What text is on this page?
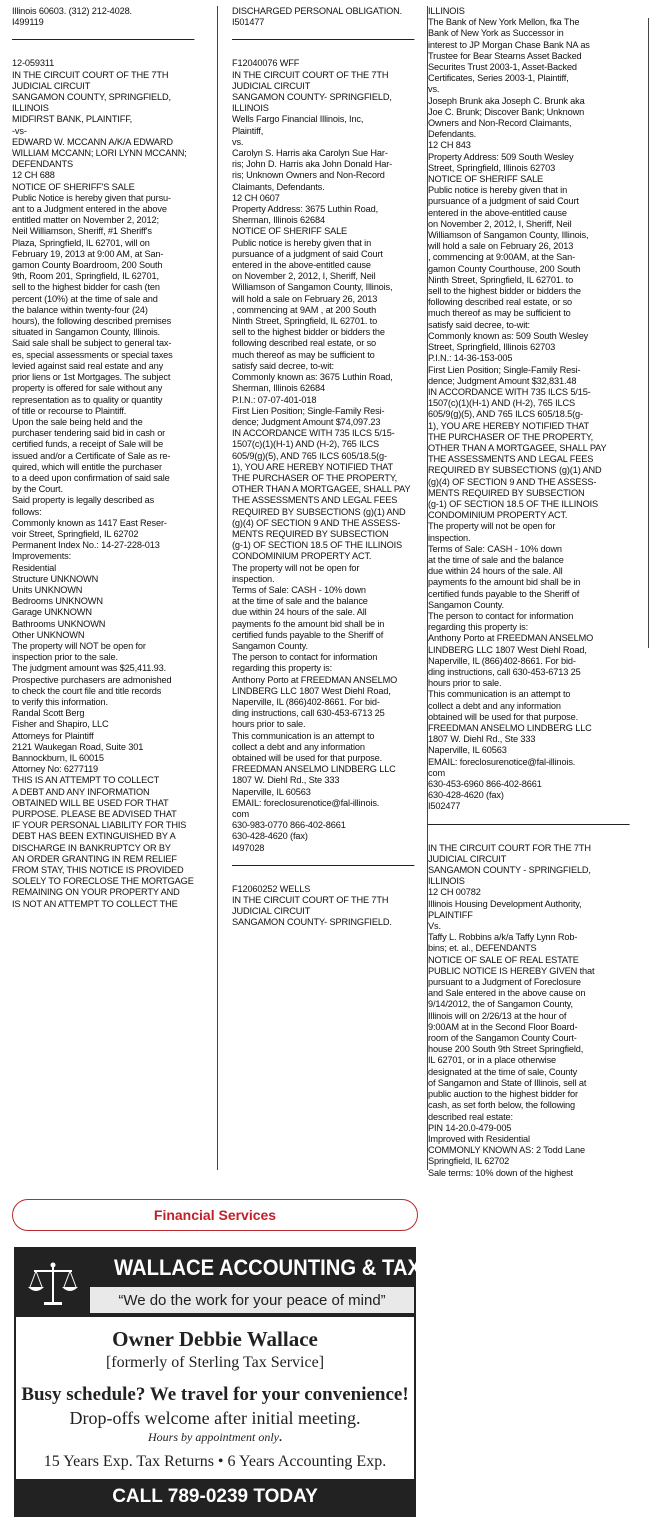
Illinois 60603. (312) 212-4028.

I499119

12-059311

IN THE CIRCUIT COURT OF THE 7TH

JUDICIAL CIRCUIT

SANGAMON COUNTY, SPRINGFIELD,

ILLINOIS

MIDFIRST BANK, PLAINTIFF,

-vs-

EDWARD W. MCCANN A/K/A EDWARD

WILLIAM MCCANN; LORI LYNN MCCANN;

DEFENDANTS

12 CH 688

NOTICE OF SHERIFF'S SALE

Public Notice is hereby given that pursu-

ant to a Judgment entered in the above

entitled matter on November 2, 2012;

Neil Williamson, Sheriff, #1 Sheriff's

Plaza, Springfield, IL 62701, will on

February 19, 2013 at 9:00 AM, at San-

gamon County Boardroom, 200 South

9th, Room 201, Springfield, IL 62701,

sell to the highest bidder for cash (ten

percent (10%) at the time of sale and

the balance within twenty-four (24)

hours), the following described premises

situated in Sangamon County, Illinois.

Said sale shall be subject to general tax-

es, special assessments or special taxes

levied against said real estate and any

prior liens or 1st Mortgages. The subject

property is offered for sale without any

representation as to quality or quantity

of title or recourse to Plaintiff.

Upon the sale being held and the

purchaser tendering said bid in cash or

certified funds, a receipt of Sale will be

issued and/or a Certificate of Sale as re-

quired, which will entitle the purchaser

to a deed upon confirmation of said sale

by the Court.

Said property is legally described as

follows:

Commonly known as 1417 East Reser-

voir Street, Springfield, IL 62702

Permanent Index No.: 14-27-228-013

Improvements:

Residential

Structure UNKNOWN

Units UNKNOWN

Bedrooms UNKNOWN

Garage UNKNOWN

Bathrooms UNKNOWN

Other UNKNOWN

The property will NOT be open for

inspection prior to the sale.

The judgment amount was $25,411.93.

Prospective purchasers are admonished

to check the court file and title records

to verify this information.

Randal Scott Berg

Fisher and Shapiro, LLC

Attorneys for Plaintiff

2121 Waukegan Road, Suite 301

Bannockburn, IL 60015

Attorney No: 6277119

THIS IS AN ATTEMPT TO COLLECT

A DEBT AND ANY INFORMATION

OBTAINED WILL BE USED FOR THAT

PURPOSE. PLEASE BE ADVISED THAT

IF YOUR PERSONAL LIABILITY FOR THIS

DEBT HAS BEEN EXTINGUISHED BY A

DISCHARGE IN BANKRUPTCY OR BY

AN ORDER GRANTING IN REM RELIEF

FROM STAY, THIS NOTICE IS PROVIDED

SOLELY TO FORECLOSE THE MORTGAGE

REMAINING ON YOUR PROPERTY AND

IS NOT AN ATTEMPT TO COLLECT THE

DISCHARGED PERSONAL OBLIGATION.

I501477

F12040076 WFF

IN THE CIRCUIT COURT OF THE 7TH

JUDICIAL CIRCUIT

SANGAMON COUNTY- SPRINGFIELD,

ILLINOIS

Wells Fargo Financial Illinois, Inc,

Plaintiff,

vs.

Carolyn S. Harris aka Carolyn Sue Har-

ris; John D. Harris aka John Donald Har-

ris; Unknown Owners and Non-Record

Claimants, Defendants.

12 CH 0607

Property Address: 3675 Luthin Road,

Sherman, Illinois 62684

NOTICE OF SHERIFF SALE

Public notice is hereby given that in

pursuance of a judgment of said Court

entered in the above-entitled cause

on November 2, 2012, I, Sheriff, Neil

Williamson of Sangamon County, Illinois,

will hold a sale on February 26, 2013

, commencing at 9AM , at 200 South

Ninth Street, Springfield, IL 62701. to

sell to the highest bidder or bidders the

following described real estate, or so

much thereof as may be sufficient to

satisfy said decree, to-wit:

Commonly known as: 3675 Luthin Road,

Sherman, Illinois 62684

P.I.N.: 07-07-401-018

First Lien Position; Single-Family Resi-

dence; Judgment Amount $74,097.23

IN ACCORDANCE WITH 735 ILCS 5/15-

1507(c)(1)(H-1) AND (H-2), 765 ILCS

605/9(g)(5), AND 765 ILCS 605/18.5(g-

1), YOU ARE HEREBY NOTIFIED THAT

THE PURCHASER OF THE PROPERTY,

OTHER THAN A MORTGAGEE, SHALL PAY

THE ASSESSMENTS AND LEGAL FEES

REQUIRED BY SUBSECTIONS (g)(1) AND

(g)(4) OF SECTION 9 AND THE ASSESS-

MENTS REQUIRED BY SUBSECTION

(g-1) OF SECTION 18.5 OF THE ILLINOIS

CONDOMINIUM PROPERTY ACT.

The property will not be open for

inspection.

Terms of Sale: CASH - 10% down

at the time of sale and the balance

due within 24 hours of the sale. All

payments fo the amount bid shall be in

certified funds payable to the Sheriff of

Sangamon County.

The person to contact for information

regarding this property is:

Anthony Porto at FREEDMAN ANSELMO

LINDBERG LLC 1807 West Diehl Road,

Naperville, IL (866)402-8661. For bid-

ding instructions, call 630-453-6713 25

hours prior to sale.

This communication is an attempt to

collect a debt and any information

obtained will be used for that purpose.

FREEDMAN ANSELMO LINDBERG LLC

1807 W. Diehl Rd., Ste 333

Naperville, IL 60563

EMAIL: foreclosurenotice@fal-illinois.

com

630-983-0770 866-402-8661

630-428-4620 (fax)

I497028

F12060252 WELLS

IN THE CIRCUIT COURT OF THE 7TH

JUDICIAL CIRCUIT

SANGAMON COUNTY- SPRINGFIELD.

ILLINOIS

The Bank of New York Mellon, fka The

Bank of New York as Successor in

interest to JP Morgan Chase Bank NA as

Trustee for Bear Stearns Asset Backed

Securites Trust 2003-1, Asset-Backed

Certificates, Series 2003-1, Plaintiff,

vs.

Joseph Brunk aka Joseph C. Brunk aka

Joe C. Brunk; Discover Bank; Unknown

Owners and Non-Record Claimants,

Defendants.

12 CH 843

Property Address: 509 South Wesley

Street, Springfield, Illinois 62703

NOTICE OF SHERIFF SALE

Public notice is hereby given that in

pursuance of a judgment of said Court

entered in the above-entitled cause

on November 2, 2012, I, Sheriff, Neil

Williamson of Sangamon County, Illinois,

will hold a sale on February 26, 2013

, commencing at 9:00AM, at the San-

gamon County Courthouse, 200 South

Ninth Street, Springfield, IL 62701. to

sell to the highest bidder or bidders the

following described real estate, or so

much thereof as may be sufficient to

satisfy said decree, to-wit:

Commonly known as: 509 South Wesley

Street, Springfield, Illinois 62703

P.I.N.: 14-36-153-005

First Lien Position; Single-Family Resi-

dence; Judgment Amount $32,831.48

IN ACCORDANCE WITH 735 ILCS 5/15-

1507(c)(1)(H-1) AND (H-2), 765 ILCS

605/9(g)(5), AND 765 ILCS 605/18.5(g-

1), YOU ARE HEREBY NOTIFIED THAT

THE PURCHASER OF THE PROPERTY,

OTHER THAN A MORTGAGEE, SHALL PAY

THE ASSESSMENTS AND LEGAL FEES

REQUIRED BY SUBSECTIONS (g)(1) AND

(g)(4) OF SECTION 9 AND THE ASSESS-

MENTS REQUIRED BY SUBSECTION

(g-1) OF SECTION 18.5 OF THE ILLINOIS

CONDOMINIUM PROPERTY ACT.

The property will not be open for

inspection.

Terms of Sale: CASH - 10% down

at the time of sale and the balance

due within 24 hours of the sale. All

payments fo the amount bid shall be in

certified funds payable to the Sheriff of

Sangamon County.

The person to contact for information

regarding this property is:

Anthony Porto at FREEDMAN ANSELMO

LINDBERG LLC 1807 West Diehl Road,

Naperville, IL (866)402-8661. For bid-

ding instructions, call 630-453-6713 25

hours prior to sale.

This communication is an attempt to

collect a debt and any information

obtained will be used for that purpose.

FREEDMAN ANSELMO LINDBERG LLC

1807 W. Diehl Rd., Ste 333

Naperville, IL 60563

EMAIL: foreclosurenotice@fal-illinois.

com

630-453-6960 866-402-8661

630-428-4620 (fax)

I502477

IN THE CIRCUIT COURT FOR THE 7TH

JUDICIAL CIRCUIT

SANGAMON COUNTY - SPRINGFIELD,

ILLINOIS

12 CH 00782

Illinois Housing Development Authority,

PLAINTIFF

Vs.

Taffy L. Robbins a/k/a Taffy Lynn Rob-

bins; et. al., DEFENDANTS

NOTICE OF SALE OF REAL ESTATE

PUBLIC NOTICE IS HEREBY GIVEN that

pursuant to a Judgment of Foreclosure

and Sale entered in the above cause on

9/14/2012, the of Sangamon County,

Illinois will on 2/26/13 at the hour of

9:00AM at in the Second Floor Board-

room of the Sangamon County Court-

house 200 South 9th Street Springfield,

IL 62701, or in a place otherwise

designated at the time of sale, County

of Sangamon and State of Illinois, sell at

public auction to the highest bidder for

cash, as set forth below, the following

described real estate:

PIN 14-20.0-479-005

Improved with Residential

COMMONLY KNOWN AS: 2 Todd Lane

Springfield, IL 62702

Sale terms: 10% down of the highest

Financial Services
WALLACE ACCOUNTING & TAX
“We do the work for your peace of mind”
Owner Debbie Wallace
[formerly of Sterling Tax Service]
Busy schedule? We travel for your convenience!
Drop-offs welcome after initial meeting.
Hours by appointment only.
15 Years Exp. Tax Returns • 6 Years Accounting Exp.
CALL 789-0239 TODAY
